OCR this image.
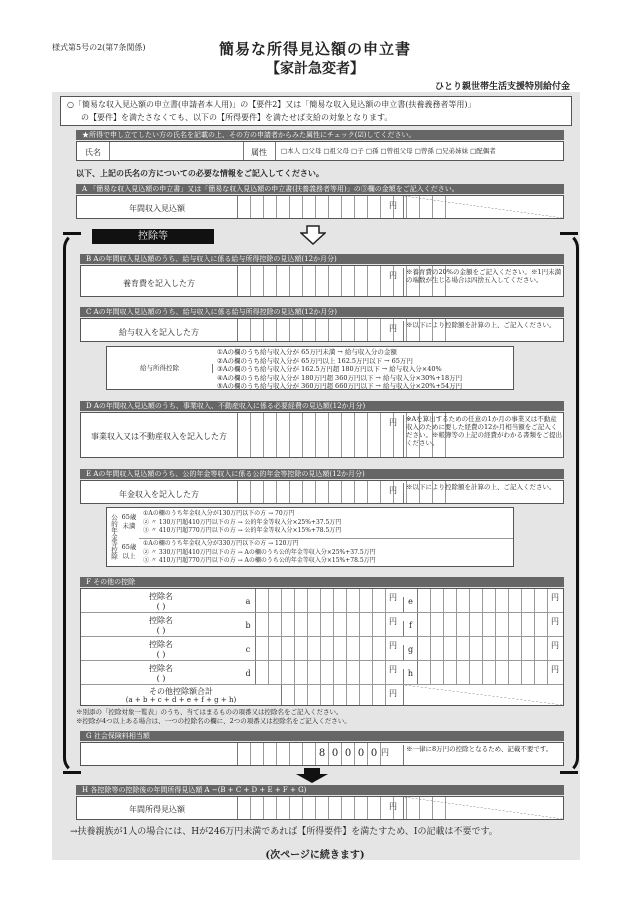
様式第5号の2(第7条関係)	簡易な所得見込額の申立書
【家計急変者】
ひとり親世帯生活支援特別給付金
○「簡易な収入見込額の申立書(申請者本人用)」の【要件2】又は「簡易な収入見込額の申立書(扶養義務者等用)」
の【要件】を満たさなくても、以下の【所得要件】を満たせば支給の対象となります。
★所得で申し立てしたい方の氏名を記載の上、その方の申請者からみた属性にチェック(☑)してください。
氏名	属性	□本人 □父母 □祖父母 □子 □孫 □曾祖父母 □曾孫 □兄弟姉妹 □配偶者
以下、上記の氏名の方についての必要な情報をご記入してください。
A 「簡易な収入見込額の申立書」又は「簡易な収入見込額の申立書(扶養義務者等用)」の③欄の金額をご記入ください。
年間収入見込額	円
控除等
B Aの年間収入見込額のうち、給与収入に係る給与所得控除の見込額(12か月分)
養育費を記入した方
円	※養育費の20%の金額をご記入ください。※1円未満の端数が生じる場合は四捨五入してください。
C Aの年間収入見込額のうち、給与収入に係る給与所得控除の見込額(12か月分)
給与収入を記入した方	円	※以下により控除額を計算の上、ご記入ください。
給与所得控除
①Aの欄のうち給与収入分が 65万円未満 → 給与収入分の金額
②Aの欄のうち給与収入分が 65万円以上 162.5万円以下 → 65万円
③Aの欄のうち給与収入分が 162.5万円超 180万円以下 → 給与収入分×40%
④Aの欄のうち給与収入分が 180万円超 360万円以下 → 給与収入分×30%+18万円
⑤Aの欄のうち給与収入分が 360万円超 660万円以下 → 給与収入分×20%+54万円
D Aの年間収入見込額のうち、事業収入、不動産収入に係る必要経費の見込額(12か月分)
事業収入又は不動産収入を記入した方
円	※Aを算出するための任意の1か月の事業又は不動産収入のために要した経費の12か月相当額をご記入ください。※帳簿等の上記の経費がわかる書類をご提出ください。
E Aの年間収入見込額のうち、公的年金等収入に係る公的年金等控除の見込額(12か月分)
年金収入を記入した方	円	※以下により控除額を計算の上、ご記入ください。
公的年金等控除 65歳未満
65歳以上
①Aの欄のうち年金収入分が130万円以下の方 → 70万円
② 〃 130万円超410万円以下の方 → 公的年金等収入分×25%+37.5万円
③ 〃 410万円超770万円以下の方 → 公的年金等収入分×15%+78.5万円
①Aの欄のうち年金収入分が330万円以下の方 → 120万円
② 〃 330万円超410万円以下の方 → Aの欄のうち公的年金等収入分×25%+37.5万円
③ 〃 410万円超770万円以下の方 → Aの欄のうち公的年金等収入分×15%+78.5万円
F その他の控除
控除名
( )
a	円	e	円
控除名
( )
b	円	f	円
控除名
( )
c	円	g	円
控除名
( )
d	円	h	円
その他控除額合計
(a + b + c + d + e + f + g + h)
円
※別添の「控除対象一覧表」のうち、当てはまるものの項番又は控除名をご記入ください。
※控除が4つ以上ある場合は、一つの控除名の欄に、2つの項番又は控除名をご記入ください。
G 社会保険料相当額
8 0 0 0 0 円	※一律に8万円の控除となるため、記載不要です。
H 各控除等の控除後の年間所得見込額 A −(B + C + D + E + F + G)
年間所得見込額	円
→扶養親族が1人の場合には、Hが246万円未満であれば【所得要件】を満たすため、Iの記載は不要です。
(次ページに続きます)
